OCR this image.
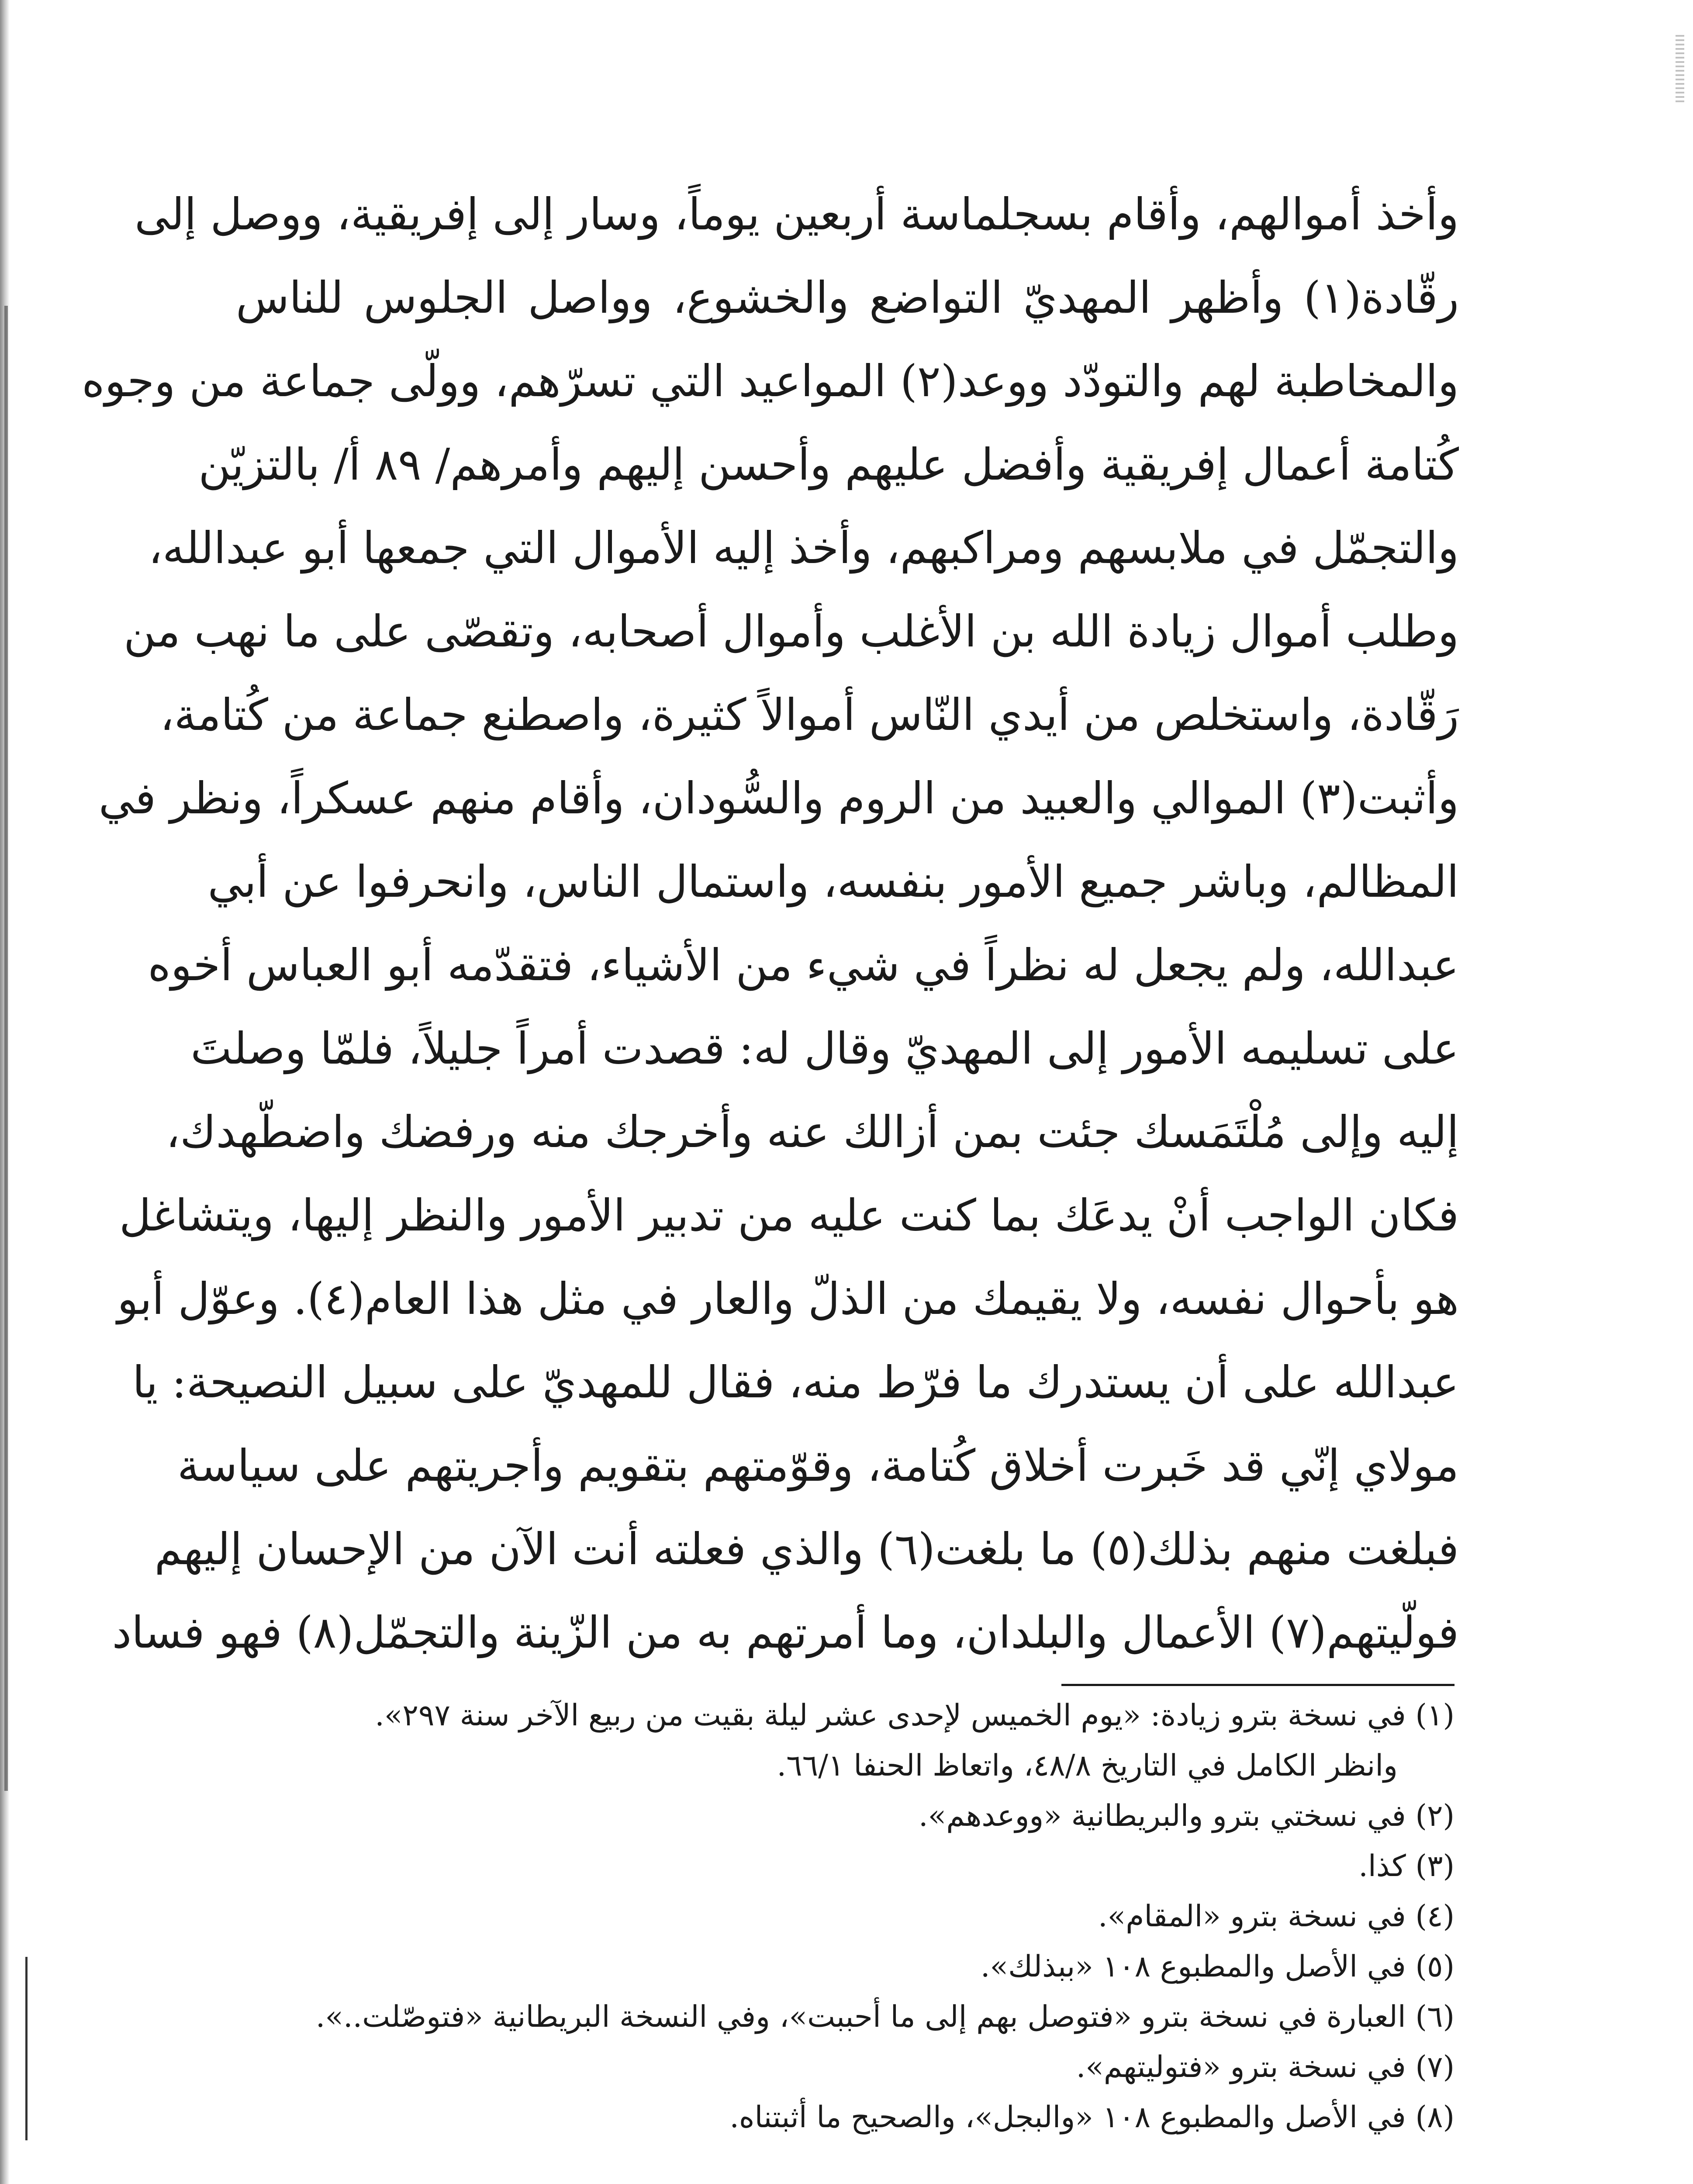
وأخذ أموالهم، وأقام بسجلماسة أربعين يوماً، وسار إلى إفريقية، ووصل إلى
رقّادة(١) وأظهر المهديّ التواضع والخشوع، وواصل الجلوس للناس
والمخاطبة لهم والتودّد ووعد(٢) المواعيد التي تسرّهم، وولّى جماعة من وجوه
كُتامة أعمال إفريقية وأفضل عليهم وأحسن إليهم وأمرهم/ ٨٩ أ/ بالتزيّن
والتجمّل في ملابسهم ومراكبهم، وأخذ إليه الأموال التي جمعها أبو عبدالله،
وطلب أموال زيادة الله بن الأغلب وأموال أصحابه، وتقصّى على ما نهب من
رَقّادة، واستخلص من أيدي النّاس أموالاً كثيرة، واصطنع جماعة من كُتامة،
وأثبت(٣) الموالي والعبيد من الروم والسُّودان، وأقام منهم عسكراً، ونظر في
المظالم، وباشر جميع الأمور بنفسه، واستمال الناس، وانحرفوا عن أبي
عبدالله، ولم يجعل له نظراً في شيء من الأشياء، فتقدّمه أبو العباس أخوه
على تسليمه الأمور إلى المهديّ وقال له: قصدت أمراً جليلاً، فلمّا وصلتَ
إليه وإلى مُلْتَمَسك جئت بمن أزالك عنه وأخرجك منه ورفضك واضطّهدك،
فكان الواجب أنْ يدعَك بما كنت عليه من تدبير الأمور والنظر إليها، ويتشاغل
هو بأحوال نفسه، ولا يقيمك من الذلّ والعار في مثل هذا العام(٤). وعوّل أبو
عبدالله على أن يستدرك ما فرّط منه، فقال للمهديّ على سبيل النصيحة: يا
مولاي إنّي قد خَبرت أخلاق كُتامة، وقوّمتهم بتقويم وأجريتهم على سياسة
فبلغت منهم بذلك(٥) ما بلغت(٦) والذي فعلته أنت الآن من الإحسان إليهم
فولّيتهم(٧) الأعمال والبلدان، وما أمرتهم به من الزّينة والتجمّل(٨) فهو فساد
(١) في نسخة بترو زيادة: «يوم الخميس لإحدى عشر ليلة بقيت من ربيع الآخر سنة ٢٩٧».
وانظر الكامل في التاريخ ٤٨/٨، واتعاظ الحنفا ٦٦/١.
(٢) في نسختي بترو والبريطانية «ووعدهم».
(٣) كذا.
(٤) في نسخة بترو «المقام».
(٥) في الأصل والمطبوع ١٠٨ «ببذلك».
(٦) العبارة في نسخة بترو «فتوصل بهم إلى ما أحببت»، وفي النسخة البريطانية «فتوصّلت..».
(٧) في نسخة بترو «فتوليتهم».
(٨) في الأصل والمطبوع ١٠٨ «والبجل»، والصحيح ما أثبتناه.
